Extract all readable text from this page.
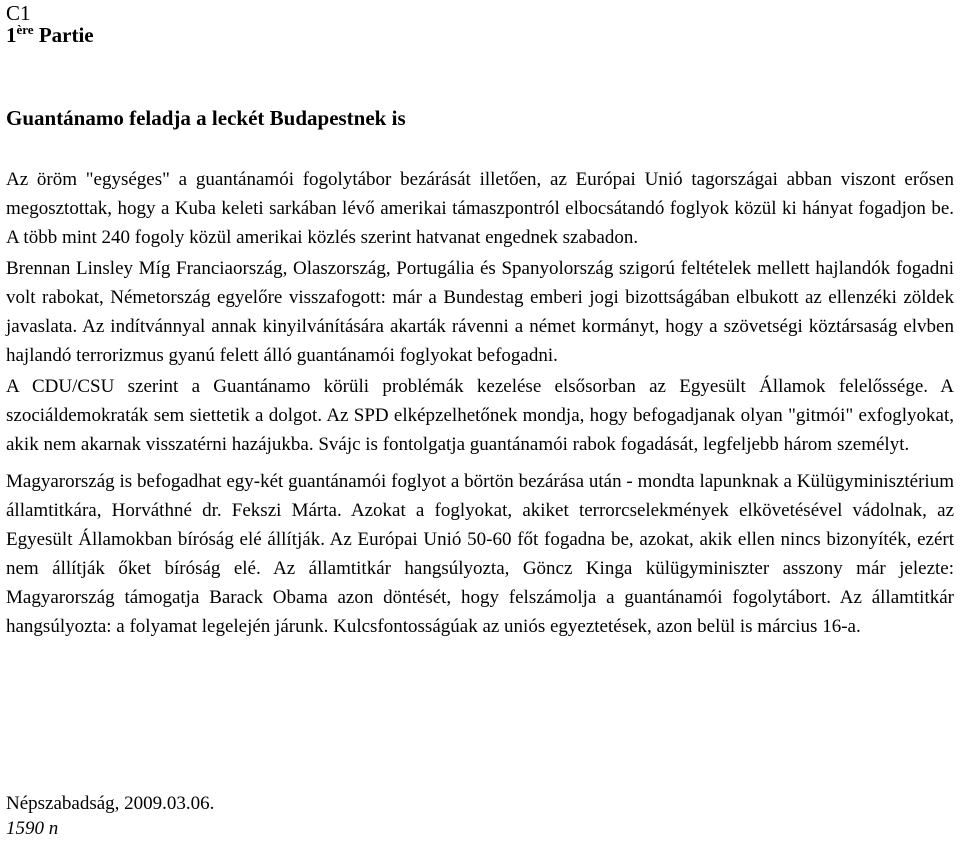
C1
1ère Partie
Guantánamo feladja a leckét Budapestnek is

Az öröm "egységes" a guantánamói fogolytábor bezárását illetően, az Európai Unió tagországai abban viszont erősen megosztottak, hogy a Kuba keleti sarkában lévő amerikai támaszpontról elbocsátandó foglyok közül ki hányat fogadjon be. A több mint 240 fogoly közül amerikai közlés szerint hatvanat engednek szabadon.

Brennan Linsley Míg Franciaország, Olaszország, Portugália és Spanyolország szigorú feltételek mellett hajlandók fogadni volt rabokat, Németország egyelőre visszafogott: már a Bundestag emberi jogi bizottságában elbukott az ellenzéki zöldek javaslata. Az indítvánnyal annak kinyilvánítására akarták rávenni a német kormányt, hogy a szövetségi köztársaság elvben hajlandó terrorizmus gyanú felett álló guantánamói foglyokat befogadni.

A CDU/CSU szerint a Guantánamo körüli problémák kezelése elsősorban az Egyesült Államok felelőssége. A szociáldemokraták sem siettetik a dolgot. Az SPD elképzelhetőnek mondja, hogy befogadjanak olyan "gitmói" exfoglyokat, akik nem akarnak visszatérni hazájukba. Svájc is fontolgatja guantánamói rabok fogadását, legfeljebb három személyt.

Magyarország is befogadhat egy-két guantánamói foglyot a börtön bezárása után - mondta lapunknak a Külügyminisztérium államtitkára, Horváthné dr. Fekszi Márta. Azokat a foglyokat, akiket terrorcselekmények elkövetésével vádolnak, az Egyesült Államokban bíróság elé állítják. Az Európai Unió 50-60 főt fogadna be, azokat, akik ellen nincs bizonyíték, ezért nem állítják őket bíróság elé. Az államtitkár hangsúlyozta, Göncz Kinga külügyminiszter asszony már jelezte: Magyarország támogatja Barack Obama azon döntését, hogy felszámolja a guantánamói fogolytábort. Az államtitkár hangsúlyozta: a folyamat legelején járunk. Kulcsfontosságúak az uniós egyeztetések, azon belül is március 16-a.

Népszabadság, 2009.03.06.
1590 n
